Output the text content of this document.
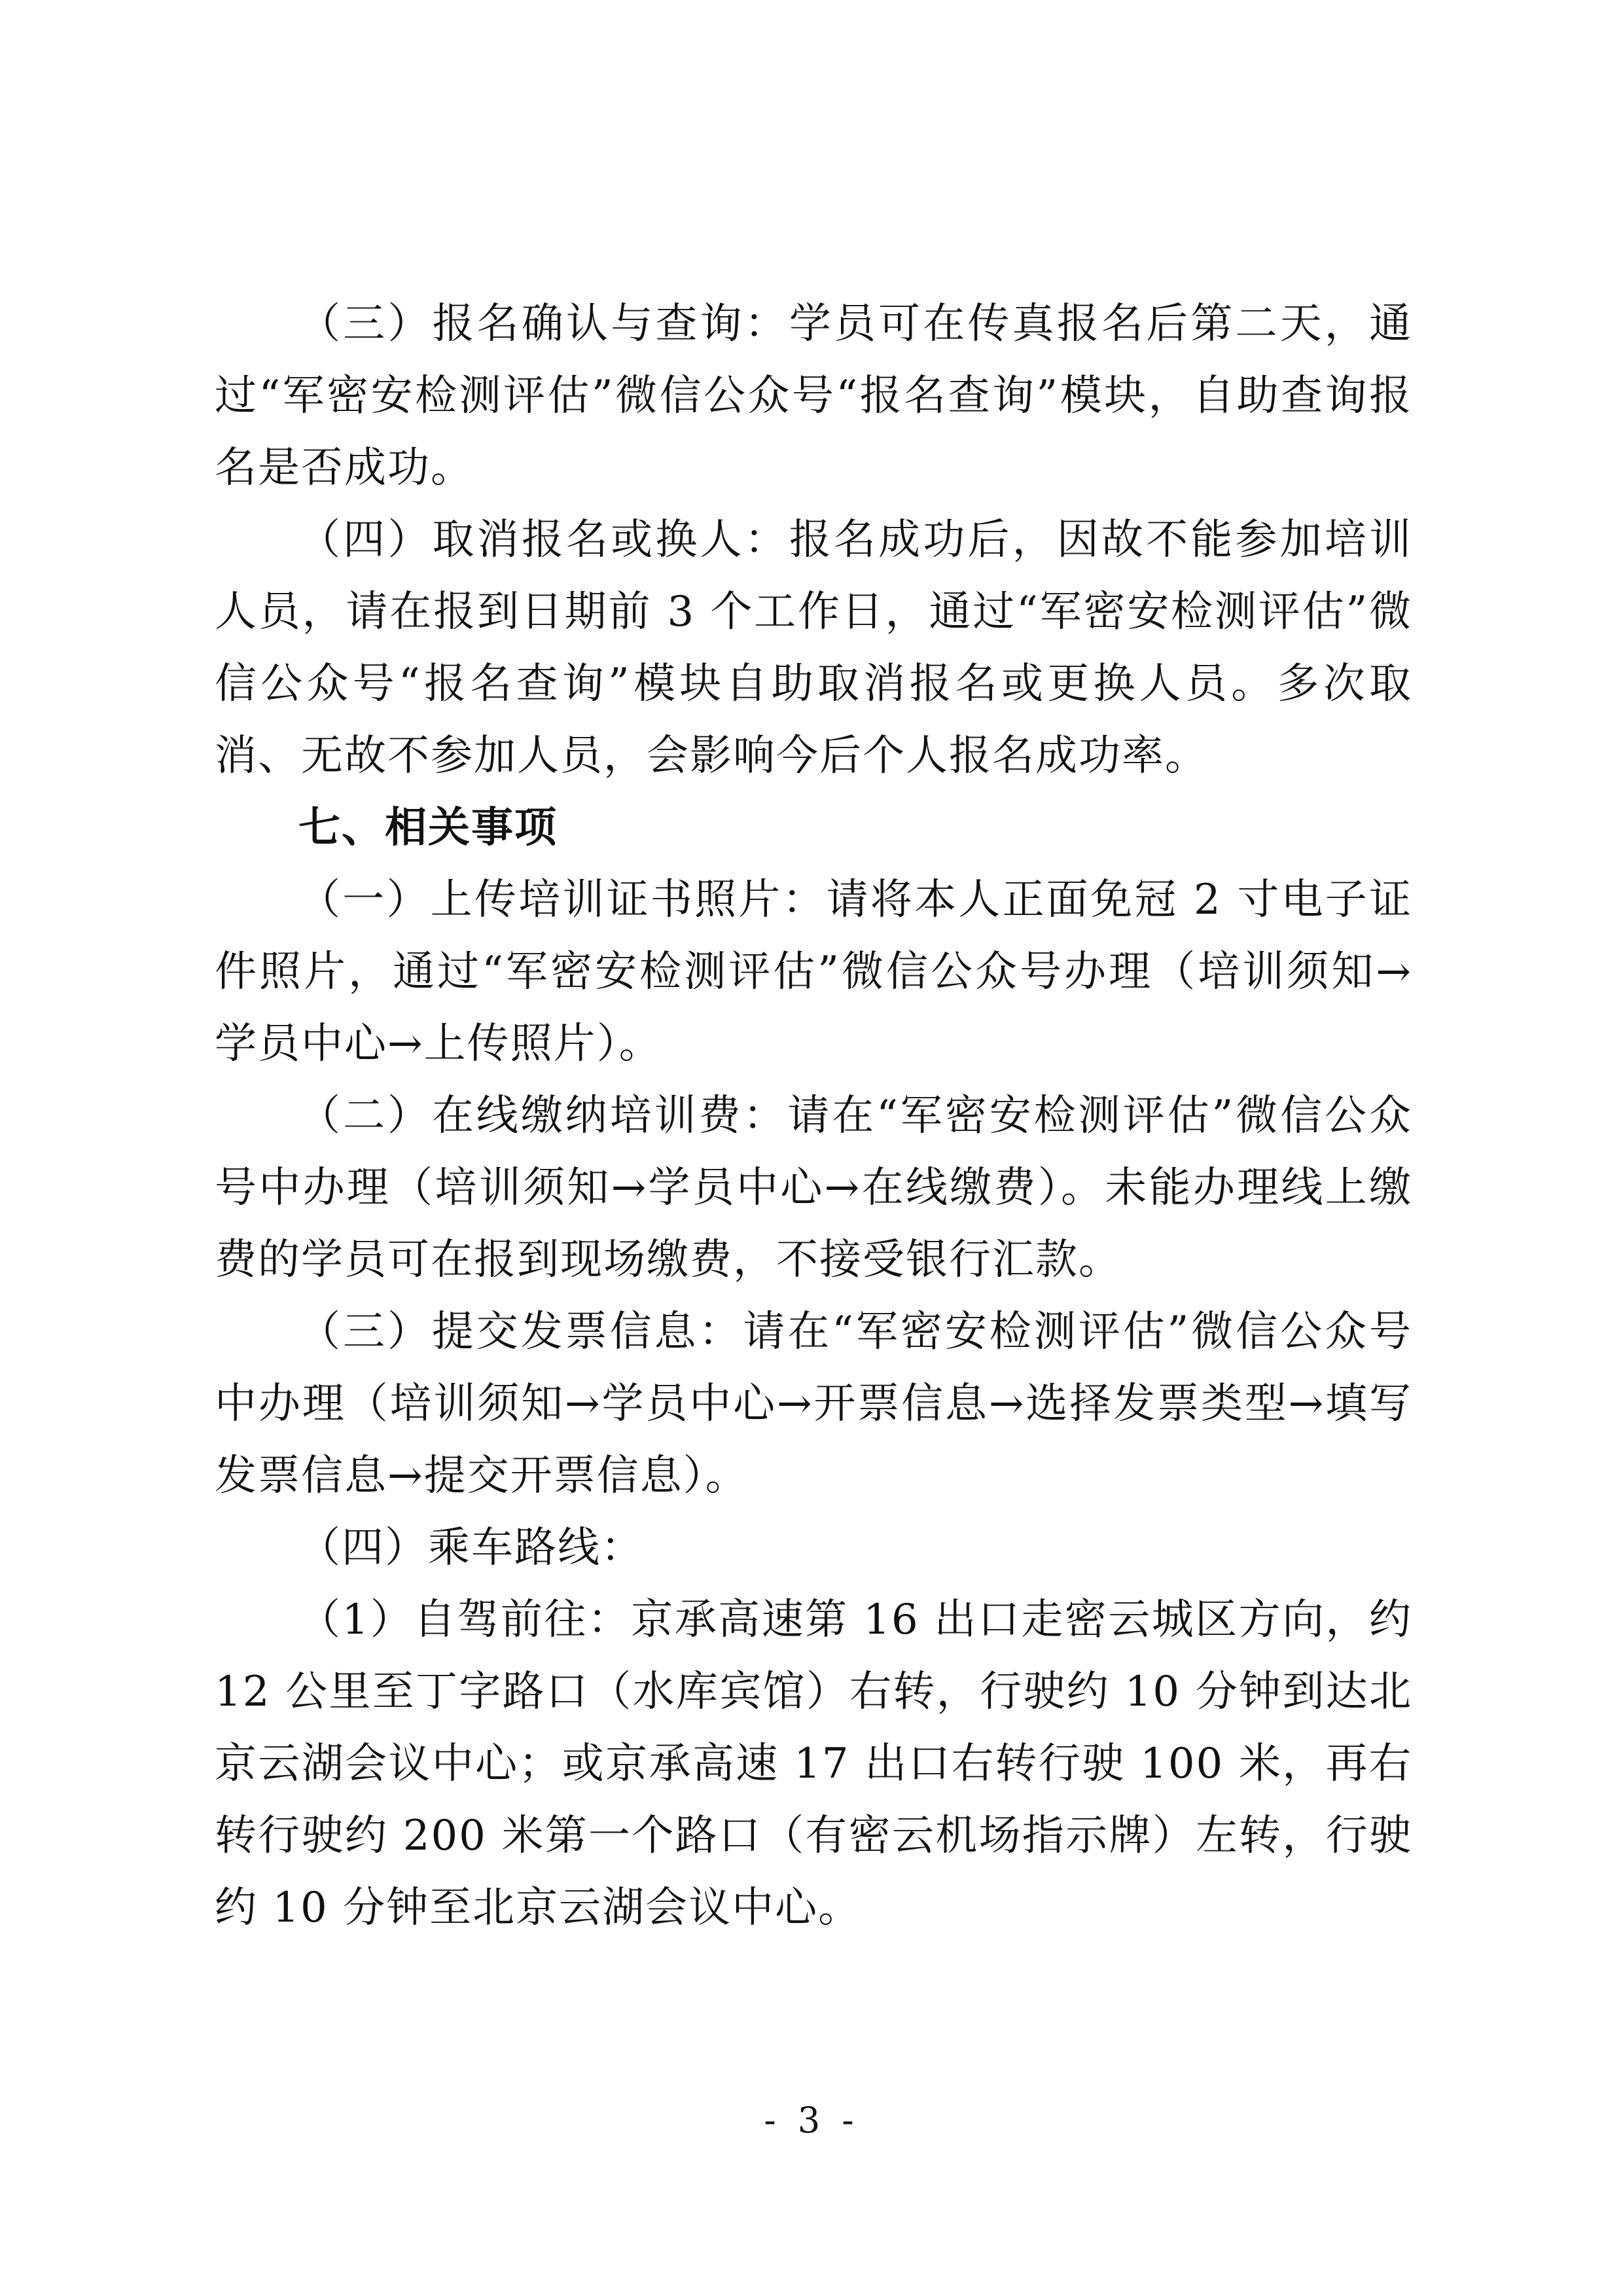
（三）报名确认与查询：学员可在传真报名后第二天，通过“军密安检测评估”微信公众号“报名查询”模块，自助查询报名是否成功。

（四）取消报名或换人：报名成功后，因故不能参加培训人员，请在报到日期前 3 个工作日，通过“军密安检测评估”微信公众号“报名查询”模块自助取消报名或更换人员。多次取消、无故不参加人员，会影响今后个人报名成功率。

七、相关事项

（一）上传培训证书照片：请将本人正面免冠 2 寸电子证件照片，通过“军密安检测评估”微信公众号办理（培训须知→学员中心→上传照片）。

（二）在线缴纳培训费：请在“军密安检测评估”微信公众号中办理（培训须知→学员中心→在线缴费）。未能办理线上缴费的学员可在报到现场缴费，不接受银行汇款。

（三）提交发票信息：请在“军密安检测评估”微信公众号中办理（培训须知→学员中心→开票信息→选择发票类型→填写发票信息→提交开票信息）。

（四）乘车路线：

（1）自驾前往：京承高速第 16 出口走密云城区方向，约 12 公里至丁字路口（水库宾馆）右转，行驶约 10 分钟到达北京云湖会议中心；或京承高速 17 出口右转行驶 100 米，再右转行驶约 200 米第一个路口（有密云机场指示牌）左转，行驶约 10 分钟至北京云湖会议中心。

- 3 -
